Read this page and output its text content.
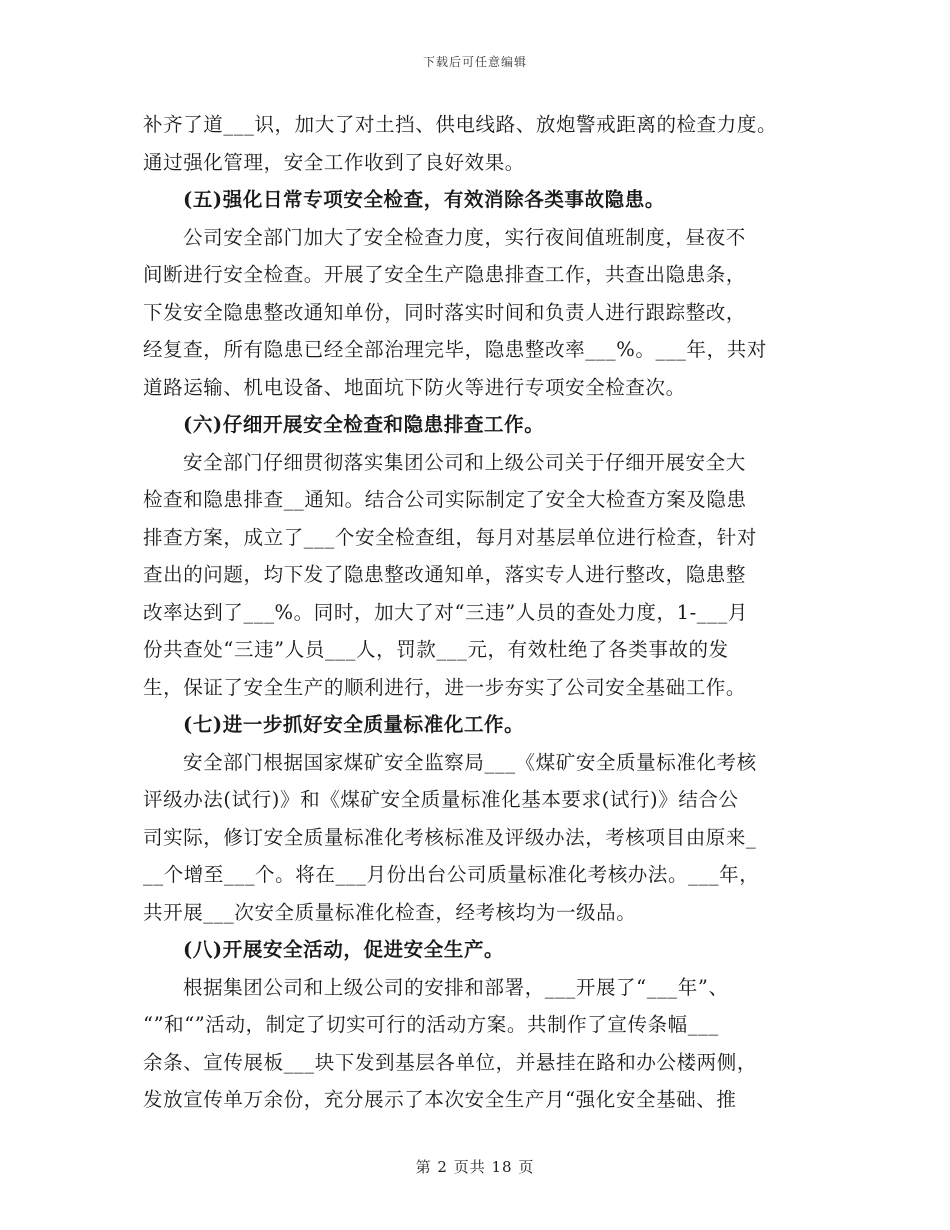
下载后可任意编辑
补齐了道___识，加大了对土挡、供电线路、放炮警戒距离的检查力度。
通过强化管理，安全工作收到了良好效果。
(五)强化日常专项安全检查，有效消除各类事故隐患。
公司安全部门加大了安全检查力度，实行夜间值班制度，昼夜不
间断进行安全检查。开展了安全生产隐患排查工作，共查出隐患条，
下发安全隐患整改通知单份，同时落实时间和负责人进行跟踪整改，
经复查，所有隐患已经全部治理完毕，隐患整改率___%。___年，共对
道路运输、机电设备、地面坑下防火等进行专项安全检查次。
(六)仔细开展安全检查和隐患排查工作。
安全部门仔细贯彻落实集团公司和上级公司关于仔细开展安全大
检查和隐患排查__通知。结合公司实际制定了安全大检查方案及隐患
排查方案，成立了___个安全检查组，每月对基层单位进行检查，针对
查出的问题，均下发了隐患整改通知单，落实专人进行整改，隐患整
改率达到了___%。同时，加大了对“三违”人员的查处力度，1-___月
份共查处“三违”人员___人，罚款___元，有效杜绝了各类事故的发
生，保证了安全生产的顺利进行，进一步夯实了公司安全基础工作。
(七)进一步抓好安全质量标准化工作。
安全部门根据国家煤矿安全监察局___《煤矿安全质量标准化考核
评级办法(试行)》和《煤矿安全质量标准化基本要求(试行)》结合公
司实际，修订安全质量标准化考核标准及评级办法，考核项目由原来_
__个增至___个。将在___月份出台公司质量标准化考核办法。___年，
共开展___次安全质量标准化检查，经考核均为一级品。
(八)开展安全活动，促进安全生产。
根据集团公司和上级公司的安排和部署，___开展了“___年”、
“”和“”活动，制定了切实可行的活动方案。共制作了宣传条幅___
余条、宣传展板___块下发到基层各单位，并悬挂在路和办公楼两侧，
发放宣传单万余份，充分展示了本次安全生产月“强化安全基础、推
第 2 页共 18 页
